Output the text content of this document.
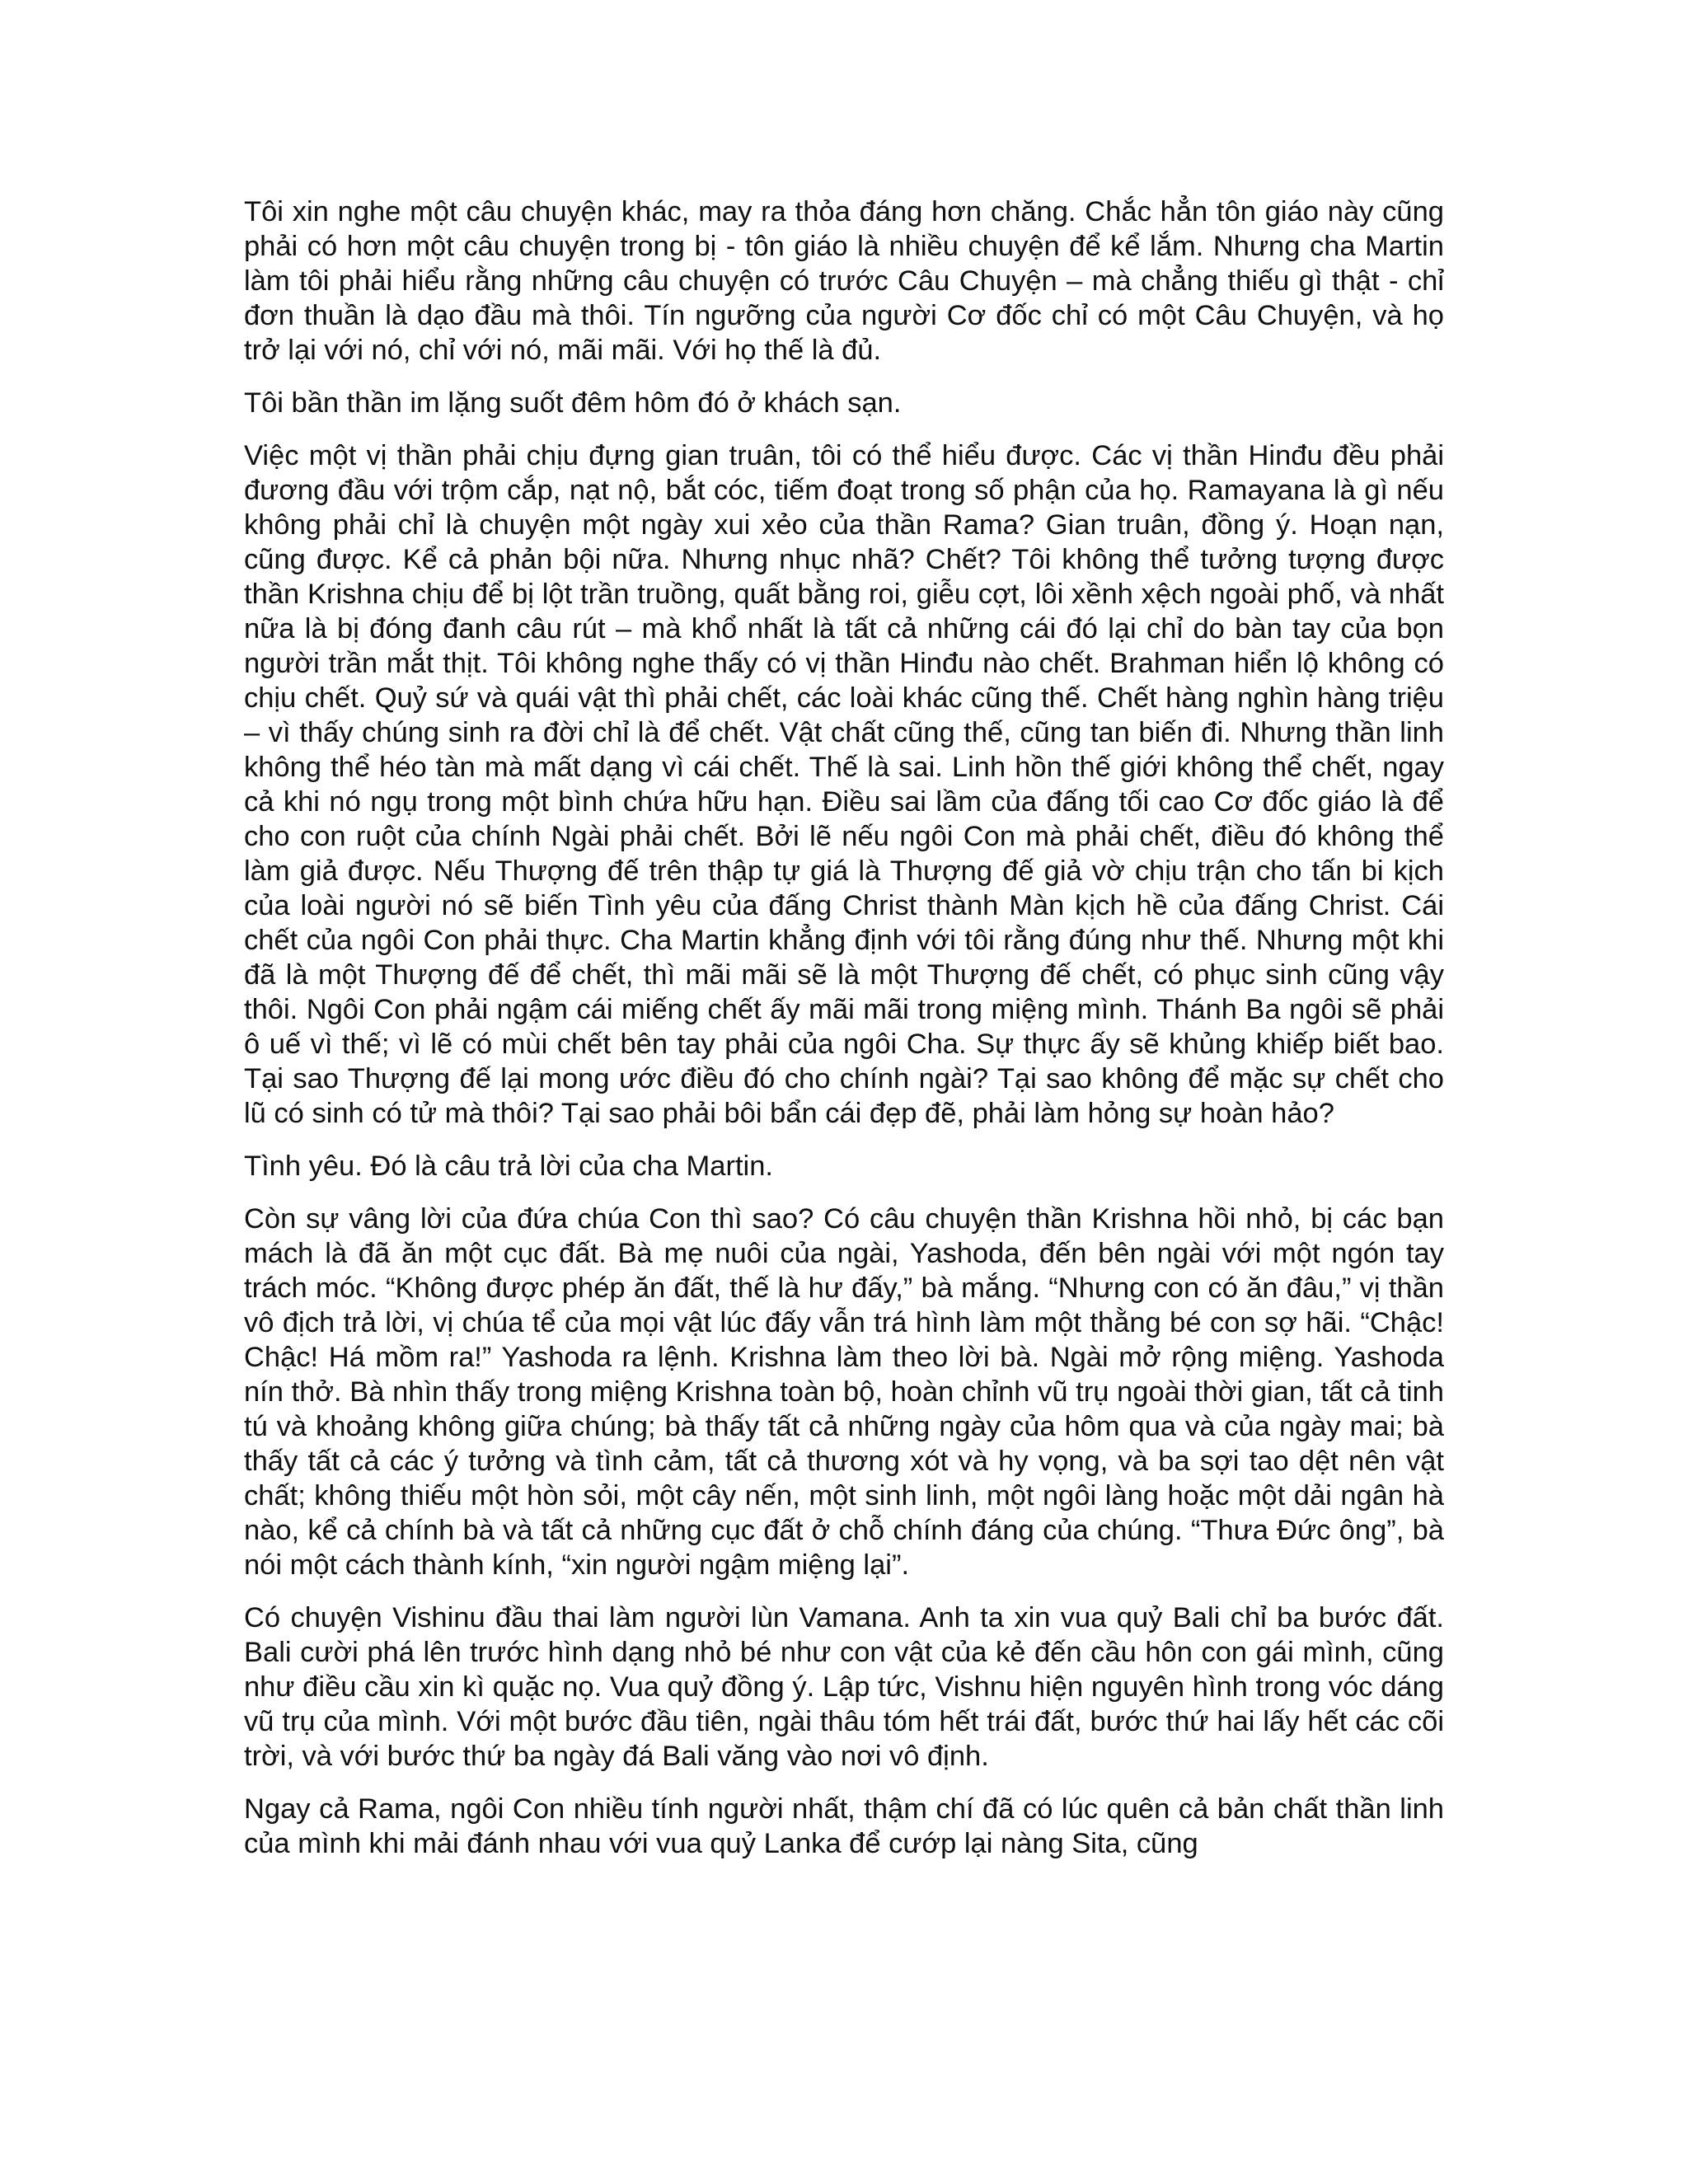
Tôi xin nghe một câu chuyện khác, may ra thỏa đáng hơn chăng. Chắc hẳn tôn giáo này cũng phải có hơn một câu chuyện trong bị - tôn giáo là nhiều chuyện để kể lắm. Nhưng cha Martin làm tôi phải hiểu rằng những câu chuyện có trước Câu Chuyện – mà chẳng thiếu gì thật - chỉ đơn thuần là dạo đầu mà thôi. Tín ngưỡng của người Cơ đốc chỉ có một Câu Chuyện, và họ trở lại với nó, chỉ với nó, mãi mãi. Với họ thế là đủ.

Tôi bần thần im lặng suốt đêm hôm đó ở khách sạn.

Việc một vị thần phải chịu đựng gian truân, tôi có thể hiểu được. Các vị thần Hinđu đều phải đương đầu với trộm cắp, nạt nộ, bắt cóc, tiếm đoạt trong số phận của họ. Ramayana là gì nếu không phải chỉ là chuyện một ngày xui xẻo của thần Rama? Gian truân, đồng ý. Hoạn nạn, cũng được. Kể cả phản bội nữa. Nhưng nhục nhã? Chết? Tôi không thể tưởng tượng được thần Krishna chịu để bị lột trần truồng, quất bằng roi, giễu cợt, lôi xềnh xệch ngoài phố, và nhất nữa là bị đóng đanh câu rút – mà khổ nhất là tất cả những cái đó lại chỉ do bàn tay của bọn người trần mắt thịt. Tôi không nghe thấy có vị thần Hinđu nào chết. Brahman hiển lộ không có chịu chết. Quỷ sứ và quái vật thì phải chết, các loài khác cũng thế. Chết hàng nghìn hàng triệu – vì thấy chúng sinh ra đời chỉ là để chết. Vật chất cũng thế, cũng tan biến đi. Nhưng thần linh không thể héo tàn mà mất dạng vì cái chết. Thế là sai. Linh hồn thế giới không thể chết, ngay cả khi nó ngụ trong một bình chứa hữu hạn. Điều sai lầm của đấng tối cao Cơ đốc giáo là để cho con ruột của chính Ngài phải chết. Bởi lẽ nếu ngôi Con mà phải chết, điều đó không thể làm giả được. Nếu Thượng đế trên thập tự giá là Thượng đế giả vờ chịu trận cho tấn bi kịch của loài người nó sẽ biến Tình yêu của đấng Christ thành Màn kịch hề của đấng Christ. Cái chết của ngôi Con phải thực. Cha Martin khẳng định với tôi rằng đúng như thế. Nhưng một khi đã là một Thượng đế để chết, thì mãi mãi sẽ là một Thượng đế chết, có phục sinh cũng vậy thôi. Ngôi Con phải ngậm cái miếng chết ấy mãi mãi trong miệng mình. Thánh Ba ngôi sẽ phải ô uế vì thế; vì lẽ có mùi chết bên tay phải của ngôi Cha. Sự thực ấy sẽ khủng khiếp biết bao. Tại sao Thượng đế lại mong ước điều đó cho chính ngài? Tại sao không để mặc sự chết cho lũ có sinh có tử mà thôi? Tại sao phải bôi bẩn cái đẹp đẽ, phải làm hỏng sự hoàn hảo?

Tình yêu. Đó là câu trả lời của cha Martin.

Còn sự vâng lời của đứa chúa Con thì sao? Có câu chuyện thần Krishna hồi nhỏ, bị các bạn mách là đã ăn một cục đất. Bà mẹ nuôi của ngài, Yashoda, đến bên ngài với một ngón tay trách móc. “Không được phép ăn đất, thế là hư đấy,” bà mắng. “Nhưng con có ăn đâu,” vị thần vô địch trả lời, vị chúa tể của mọi vật lúc đấy vẫn trá hình làm một thằng bé con sợ hãi. “Chậc! Chậc! Há mồm ra!” Yashoda ra lệnh. Krishna làm theo lời bà. Ngài mở rộng miệng. Yashoda nín thở. Bà nhìn thấy trong miệng Krishna toàn bộ, hoàn chỉnh vũ trụ ngoài thời gian, tất cả tinh tú và khoảng không giữa chúng; bà thấy tất cả những ngày của hôm qua và của ngày mai; bà thấy tất cả các ý tưởng và tình cảm, tất cả thương xót và hy vọng, và ba sợi tao dệt nên vật chất; không thiếu một hòn sỏi, một cây nến, một sinh linh, một ngôi làng hoặc một dải ngân hà nào, kể cả chính bà và tất cả những cục đất ở chỗ chính đáng của chúng. “Thưa Đức ông”, bà nói một cách thành kính, “xin người ngậm miệng lại”.

Có chuyện Vishinu đầu thai làm người lùn Vamana. Anh ta xin vua quỷ Bali chỉ ba bước đất. Bali cười phá lên trước hình dạng nhỏ bé như con vật của kẻ đến cầu hôn con gái mình, cũng như điều cầu xin kì quặc nọ. Vua quỷ đồng ý. Lập tức, Vishnu hiện nguyên hình trong vóc dáng vũ trụ của mình. Với một bước đầu tiên, ngài thâu tóm hết trái đất, bước thứ hai lấy hết các cõi trời, và với bước thứ ba ngày đá Bali văng vào nơi vô định.

Ngay cả Rama, ngôi Con nhiều tính người nhất, thậm chí đã có lúc quên cả bản chất thần linh của mình khi mải đánh nhau với vua quỷ Lanka để cướp lại nàng Sita, cũng
